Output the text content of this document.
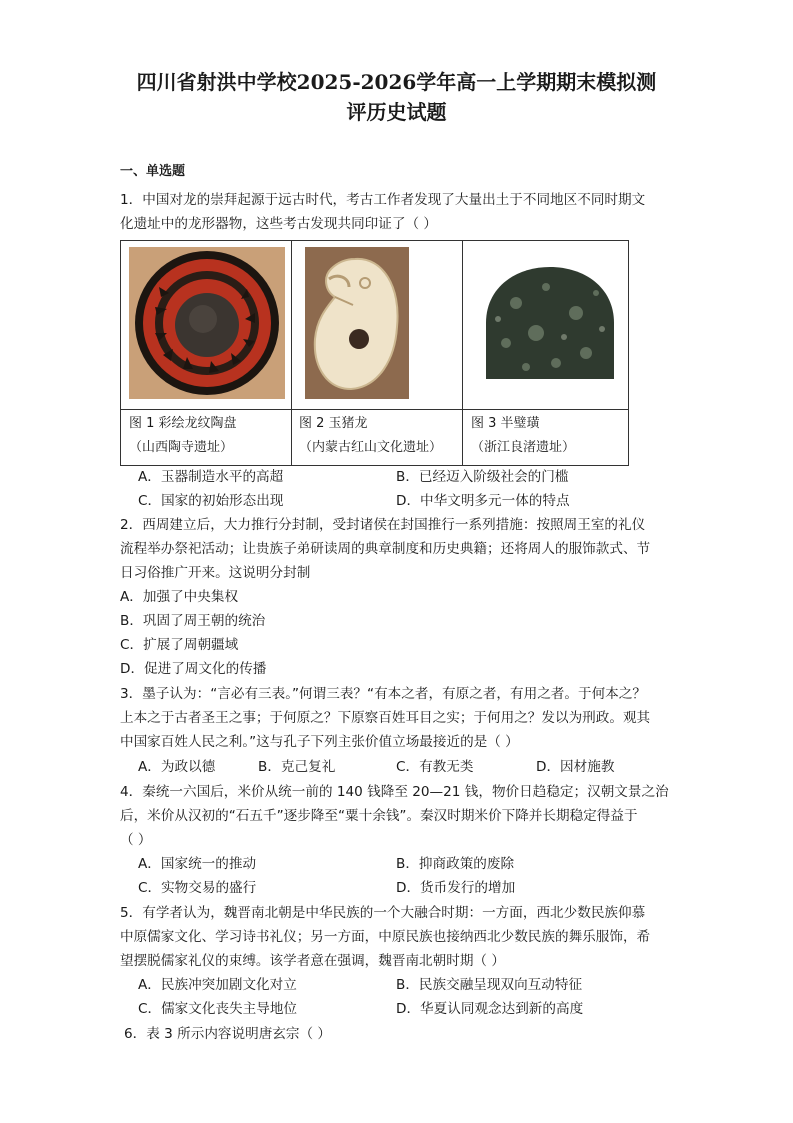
四川省射洪中学校2025-2026学年高一上学期期末模拟测
评历史试题
一、单选题
1．中国对龙的崇拜起源于远古时代，考古工作者发现了大量出土于不同地区不同时期文
化遗址中的龙形器物，这些考古发现共同印证了（ ）
图 1 彩绘龙纹陶盘
（山西陶寺遗址）
图 2 玉猪龙
（内蒙古红山文化遗址）
图 3 半璧璜
（浙江良渚遗址）
A．玉器制造水平的高超	B．已经迈入阶级社会的门槛
C．国家的初始形态出现	D．中华文明多元一体的特点
2．西周建立后，大力推行分封制，受封诸侯在封国推行一系列措施：按照周王室的礼仪
流程举办祭祀活动；让贵族子弟研读周的典章制度和历史典籍；还将周人的服饰款式、节
日习俗推广开来。这说明分封制
A．加强了中央集权
B．巩固了周王朝的统治
C．扩展了周朝疆域
D．促进了周文化的传播
3．墨子认为：“言必有三表。”何谓三表？“有本之者，有原之者，有用之者。于何本之？
上本之于古者圣王之事；于何原之？下原察百姓耳目之实；于何用之？发以为刑政。观其
中国家百姓人民之利。”这与孔子下列主张价值立场最接近的是（ ）
A．为政以德	B．克己复礼	C．有教无类	D．因材施教
4．秦统一六国后，米价从统一前的 140 钱降至 20—21 钱，物价日趋稳定；汉朝文景之治
后，米价从汉初的“石五千”逐步降至“粟十余钱”。秦汉时期米价下降并长期稳定得益于
（ ）
A．国家统一的推动	B．抑商政策的废除
C．实物交易的盛行	D．货币发行的增加
5．有学者认为，魏晋南北朝是中华民族的一个大融合时期：一方面，西北少数民族仰慕
中原儒家文化、学习诗书礼仪；另一方面，中原民族也接纳西北少数民族的舞乐服饰，希
望摆脱儒家礼仪的束缚。该学者意在强调，魏晋南北朝时期（ ）
A．民族冲突加剧文化对立	B．民族交融呈现双向互动特征
C．儒家文化丧失主导地位	D．华夏认同观念达到新的高度
6．表 3 所示内容说明唐玄宗（ ）
